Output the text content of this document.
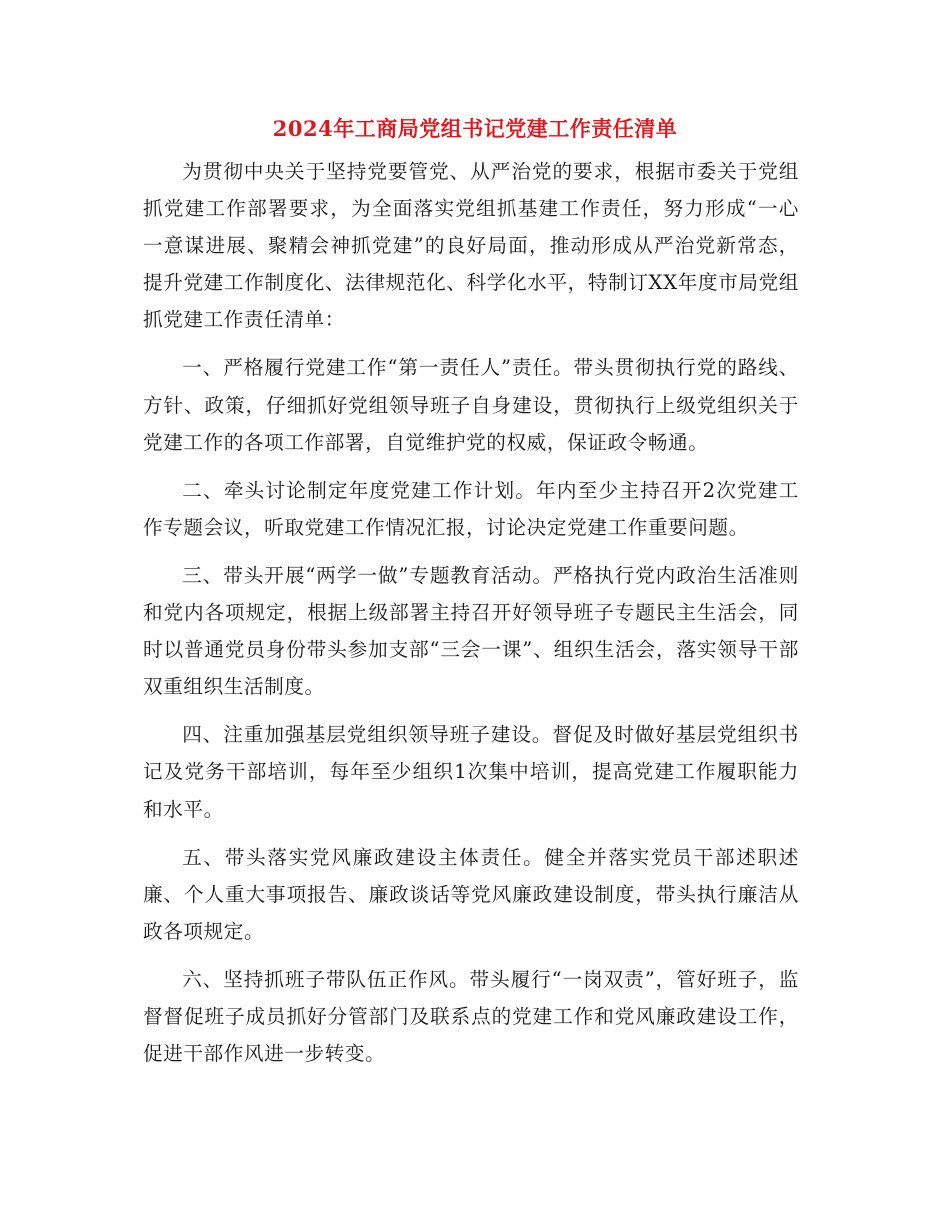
2024年工商局党组书记党建工作责任清单

为贯彻中央关于坚持党要管党、从严治党的要求，根据市委关于党组抓党建工作部署要求，为全面落实党组抓基建工作责任，努力形成“一心一意谋进展、聚精会神抓党建”的良好局面，推动形成从严治党新常态，提升党建工作制度化、法律规范化、科学化水平，特制订XX年度市局党组抓党建工作责任清单：

一、严格履行党建工作“第一责任人”责任。带头贯彻执行党的路线、方针、政策，仔细抓好党组领导班子自身建设，贯彻执行上级党组织关于党建工作的各项工作部署，自觉维护党的权威，保证政令畅通。

二、牵头讨论制定年度党建工作计划。年内至少主持召开2次党建工作专题会议，听取党建工作情况汇报，讨论决定党建工作重要问题。

三、带头开展“两学一做”专题教育活动。严格执行党内政治生活准则和党内各项规定，根据上级部署主持召开好领导班子专题民主生活会，同时以普通党员身份带头参加支部“三会一课”、组织生活会，落实领导干部双重组织生活制度。

四、注重加强基层党组织领导班子建设。督促及时做好基层党组织书记及党务干部培训，每年至少组织1次集中培训，提高党建工作履职能力和水平。

五、带头落实党风廉政建设主体责任。健全并落实党员干部述职述廉、个人重大事项报告、廉政谈话等党风廉政建设制度，带头执行廉洁从政各项规定。

六、坚持抓班子带队伍正作风。带头履行“一岗双责”，管好班子，监督督促班子成员抓好分管部门及联系点的党建工作和党风廉政建设工作，促进干部作风进一步转变。
